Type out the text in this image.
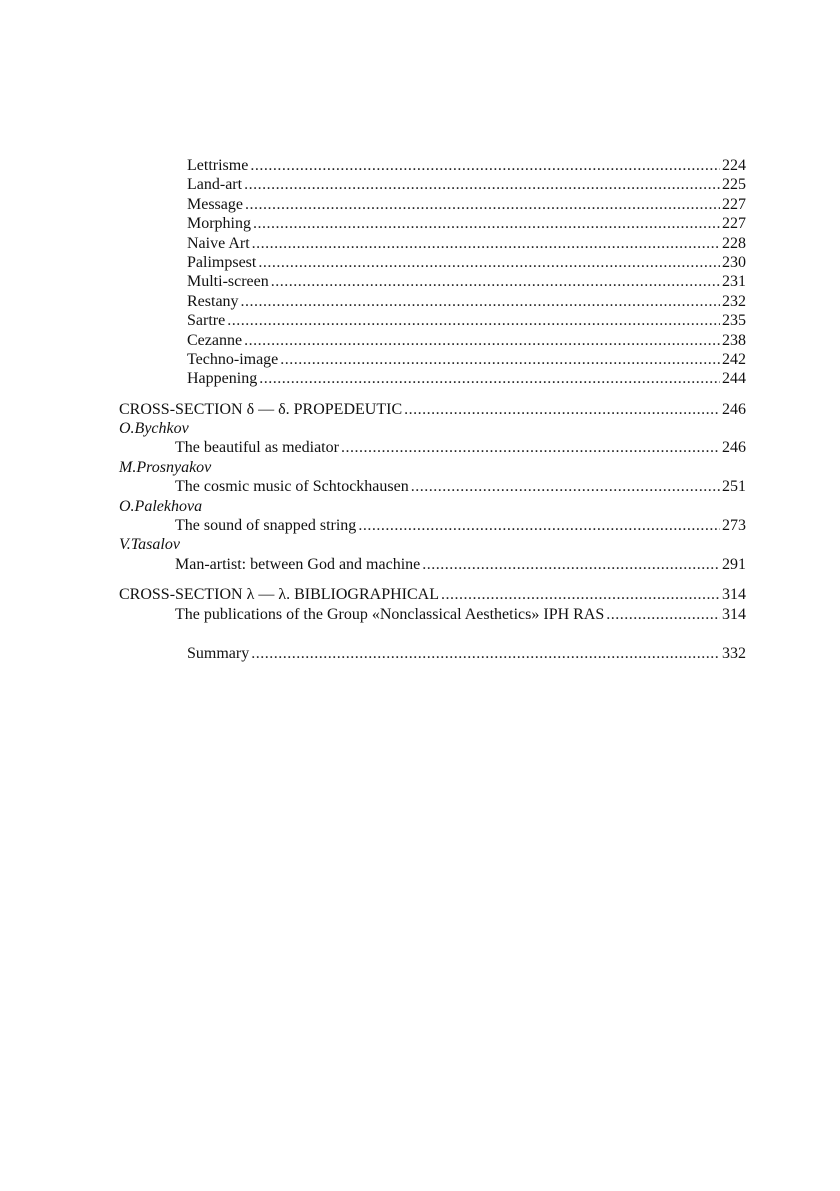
Lettrisme .....	224
Land-art .....	225
Message .....	227
Morphing .....	227
Naive Art .....	228
Palimpsest .....	230
Multi-screen .....	231
Restany .....	232
Sartre .....	235
Cezanne .....	238
Techno-image .....	242
Happening .....	244
CROSS-SECTION δ — δ. PROPEDEUTIC .....	246
O.Bychkov
The beautiful as mediator .....	246
M.Prosnyakov
The cosmic music of Schtockhausen .....	251
O.Palekhova
The sound of snapped string .....	273
V.Tasalov
Man-artist: between God and machine .....	291
CROSS-SECTION λ — λ. BIBLIOGRAPHICAL .....	314
The publications of the Group «Nonclassical Aesthetics» IPH RAS .....	314
Summary .....	332
